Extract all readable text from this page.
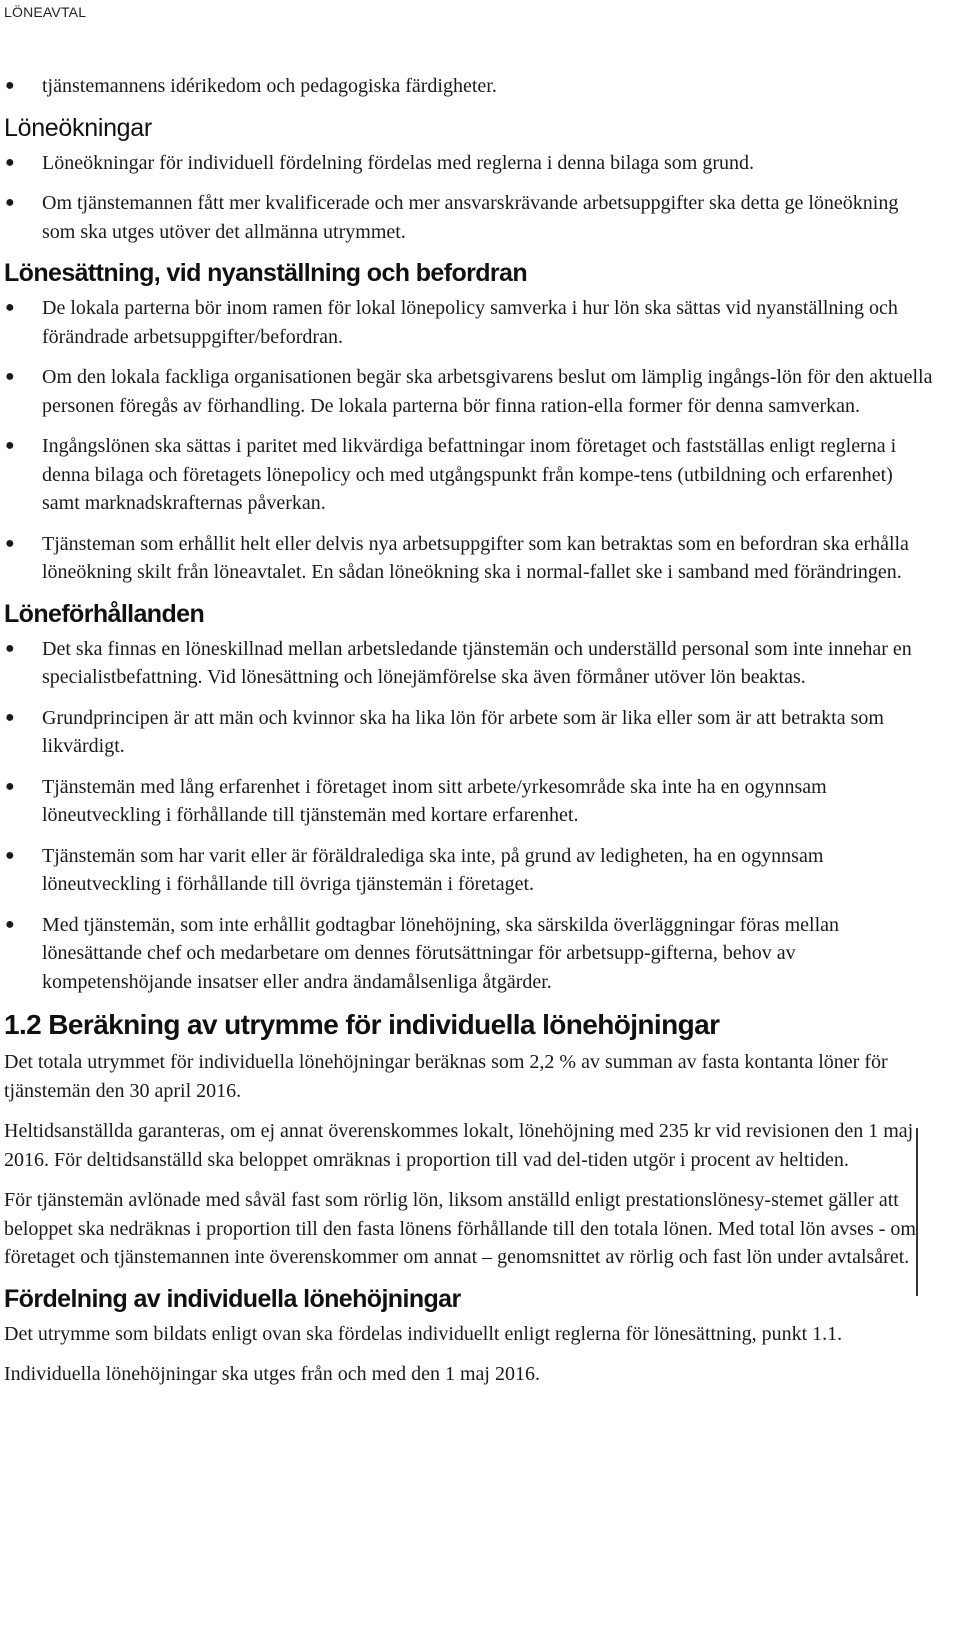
LÖNEAVTAL
● tjänstemannens idérikedom och pedagogiska färdigheter.
Löneökningar
● Löneökningar för individuell fördelning fördelas med reglerna i denna bilaga som grund.
● Om tjänstemannen fått mer kvalificerade och mer ansvarskrävande arbetsuppgifter ska detta ge löneökning som ska utges utöver det allmänna utrymmet.
Lönesättning, vid nyanställning och befordran
● De lokala parterna bör inom ramen för lokal lönepolicy samverka i hur lön ska sättas vid nyanställning och förändrade arbetsuppgifter/befordran.
● Om den lokala fackliga organisationen begär ska arbetsgivarens beslut om lämplig ingångs-lön för den aktuella personen föregås av förhandling. De lokala parterna bör finna ration-ella former för denna samverkan.
● Ingångslönen ska sättas i paritet med likvärdiga befattningar inom företaget och fastställas enligt reglerna i denna bilaga och företagets lönepolicy och med utgångspunkt från kompe-tens (utbildning och erfarenhet) samt marknadskrafternas påverkan.
● Tjänsteman som erhållit helt eller delvis nya arbetsuppgifter som kan betraktas som en befordran ska erhålla löneökning skilt från löneavtalet. En sådan löneökning ska i normal-fallet ske i samband med förändringen.
Löneförhållanden
● Det ska finnas en löneskillnad mellan arbetsledande tjänstemän och underställd personal som inte innehar en specialistbefattning. Vid lönesättning och lönejämförelse ska även förmåner utöver lön beaktas.
● Grundprincipen är att män och kvinnor ska ha lika lön för arbete som är lika eller som är att betrakta som likvärdigt.
● Tjänstemän med lång erfarenhet i företaget inom sitt arbete/yrkesområde ska inte ha en ogynnsam löneutveckling i förhållande till tjänstemän med kortare erfarenhet.
● Tjänstemän som har varit eller är föräldralediga ska inte, på grund av ledigheten, ha en ogynnsam löneutveckling i förhållande till övriga tjänstemän i företaget.
● Med tjänstemän, som inte erhållit godtagbar lönehöjning, ska särskilda överläggningar föras mellan lönesättande chef och medarbetare om dennes förutsättningar för arbetsupp-gifterna, behov av kompetenshöjande insatser eller andra ändamålsenliga åtgärder.
1.2 Beräkning av utrymme för individuella lönehöjningar

Det totala utrymmet för individuella lönehöjningar beräknas som 2,2 % av summan av fasta kontanta löner för tjänstemän den 30 april 2016.

Heltidsanställda garanteras, om ej annat överenskommes lokalt, lönehöjning med 235 kr vid revisionen den 1 maj 2016. För deltidsanställd ska beloppet omräknas i proportion till vad del-tiden utgör i procent av heltiden.

För tjänstemän avlönade med såväl fast som rörlig lön, liksom anställd enligt prestationslönesy-stemet gäller att beloppet ska nedräknas i proportion till den fasta lönens förhållande till den totala lönen. Med total lön avses - om företaget och tjänstemannen inte överenskommer om annat – genomsnittet av rörlig och fast lön under avtalsåret.

Fördelning av individuella lönehöjningar

Det utrymme som bildats enligt ovan ska fördelas individuellt enligt reglerna för lönesättning, punkt 1.1.

Individuella lönehöjningar ska utges från och med den 1 maj 2016.
